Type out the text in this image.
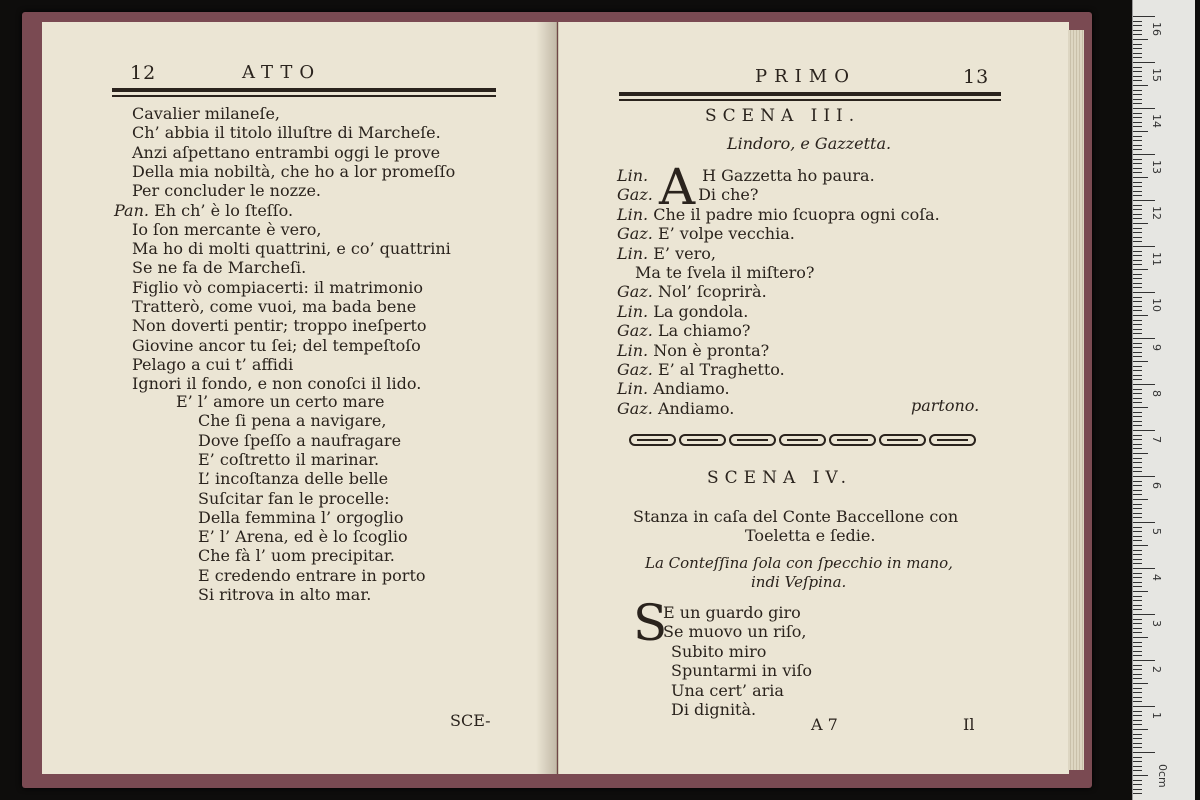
12	ATTO
Cavalier milaneſe,
Ch’ abbia il titolo illuſtre di Marcheſe.
Anzi aſpettano entrambi oggi le prove
Della mia nobiltà, che ho a lor promeſſo
Per concluder le nozze.
Pan. Eh ch’ è lo ſteſſo.
Io ſon mercante è vero,
Ma ho di molti quattrini, e co’ quattrini
Se ne fa de Marcheſi.
Figlio vò compiacerti: il matrimonio
Tratterò, come vuoi, ma bada bene
Non doverti pentir; troppo ineſperto
Giovine ancor tu ſei; del tempeſtoſo
Pelago a cui t’ affidi
Ignori il fondo, e non conoſci il lido.
E’ l’ amore un certo mare
Che ſi pena a navigare,
Dove ſpeſſo a naufragare
E’ coſtretto il marinar.
L’ incoſtanza delle belle
Suſcitar fan le procelle:
Della femmina l’ orgoglio
E’ l’ Arena, ed è lo ſcoglio
Che fà l’ uom precipitar.
E credendo entrare in porto
Si ritrova in alto mar.
SCE-
PRIMO	13
SCENA III.
Lindoro, e Gazzetta.
A
Lin.	H Gazzetta ho paura.
Gaz.	Di che?
Lin. Che il padre mio ſcuopra ogni coſa.
Gaz. E’ volpe vecchia.
Lin. E’ vero,
Ma te ſvela il miſtero?
Gaz. Nol’ ſcoprirà.
Lin. La gondola.
Gaz. La chiamo?
Lin. Non è pronta?
Gaz. E’ al Traghetto.
Lin. Andiamo.
Gaz. Andiamo.	partono.
SCENA IV.
Stanza in caſa del Conte Baccellone con
Toeletta e ſedie.
La Conteſſina ſola con ſpecchio in mano,
indi Veſpina.
S
E un guardo giro
Se muovo un riſo,
Subito miro
Spuntarmi in viſo
Una cert’ aria
Di dignità.
A 7	Il
16
15
14
13
12
11
10
9
8
7
6
5
4
3
2
1
0cm
